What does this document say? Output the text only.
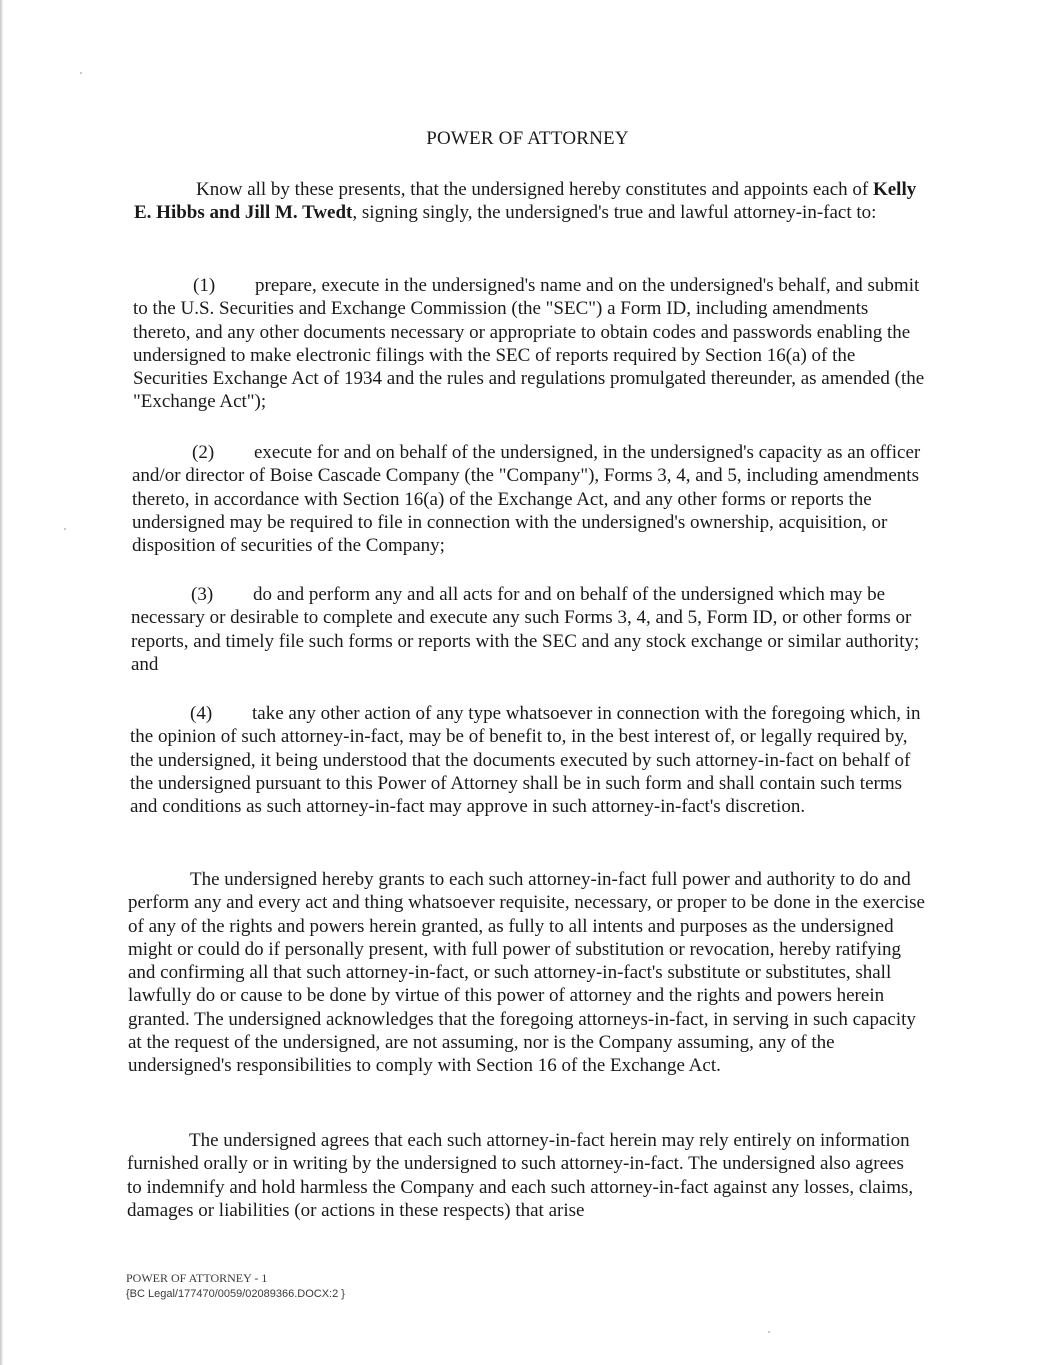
POWER OF ATTORNEY

Know all by these presents, that the undersigned hereby constitutes and appoints each of Kelly E. Hibbs and Jill M. Twedt, signing singly, the undersigned's true and lawful attorney-in-fact to:

(1) prepare, execute in the undersigned's name and on the undersigned's behalf, and submit to the U.S. Securities and Exchange Commission (the "SEC") a Form ID, including amendments thereto, and any other documents necessary or appropriate to obtain codes and passwords enabling the undersigned to make electronic filings with the SEC of reports required by Section 16(a) of the Securities Exchange Act of 1934 and the rules and regulations promulgated thereunder, as amended (the "Exchange Act");

(2) execute for and on behalf of the undersigned, in the undersigned's capacity as an officer and/or director of Boise Cascade Company (the "Company"), Forms 3, 4, and 5, including amendments thereto, in accordance with Section 16(a) of the Exchange Act, and any other forms or reports the undersigned may be required to file in connection with the undersigned's ownership, acquisition, or disposition of securities of the Company;

(3) do and perform any and all acts for and on behalf of the undersigned which may be necessary or desirable to complete and execute any such Forms 3, 4, and 5, Form ID, or other forms or reports, and timely file such forms or reports with the SEC and any stock exchange or similar authority; and

(4) take any other action of any type whatsoever in connection with the foregoing which, in the opinion of such attorney-in-fact, may be of benefit to, in the best interest of, or legally required by, the undersigned, it being understood that the documents executed by such attorney-in-fact on behalf of the undersigned pursuant to this Power of Attorney shall be in such form and shall contain such terms and conditions as such attorney-in-fact may approve in such attorney-in-fact's discretion.

The undersigned hereby grants to each such attorney-in-fact full power and authority to do and perform any and every act and thing whatsoever requisite, necessary, or proper to be done in the exercise of any of the rights and powers herein granted, as fully to all intents and purposes as the undersigned might or could do if personally present, with full power of substitution or revocation, hereby ratifying and confirming all that such attorney-in-fact, or such attorney-in-fact's substitute or substitutes, shall lawfully do or cause to be done by virtue of this power of attorney and the rights and powers herein granted. The undersigned acknowledges that the foregoing attorneys-in-fact, in serving in such capacity at the request of the undersigned, are not assuming, nor is the Company assuming, any of the undersigned's responsibilities to comply with Section 16 of the Exchange Act.

The undersigned agrees that each such attorney-in-fact herein may rely entirely on information furnished orally or in writing by the undersigned to such attorney-in-fact. The undersigned also agrees to indemnify and hold harmless the Company and each such attorney-in-fact against any losses, claims, damages or liabilities (or actions in these respects) that arise

POWER OF ATTORNEY - 1
{BC Legal/177470/0059/02089366.DOCX:2 }
